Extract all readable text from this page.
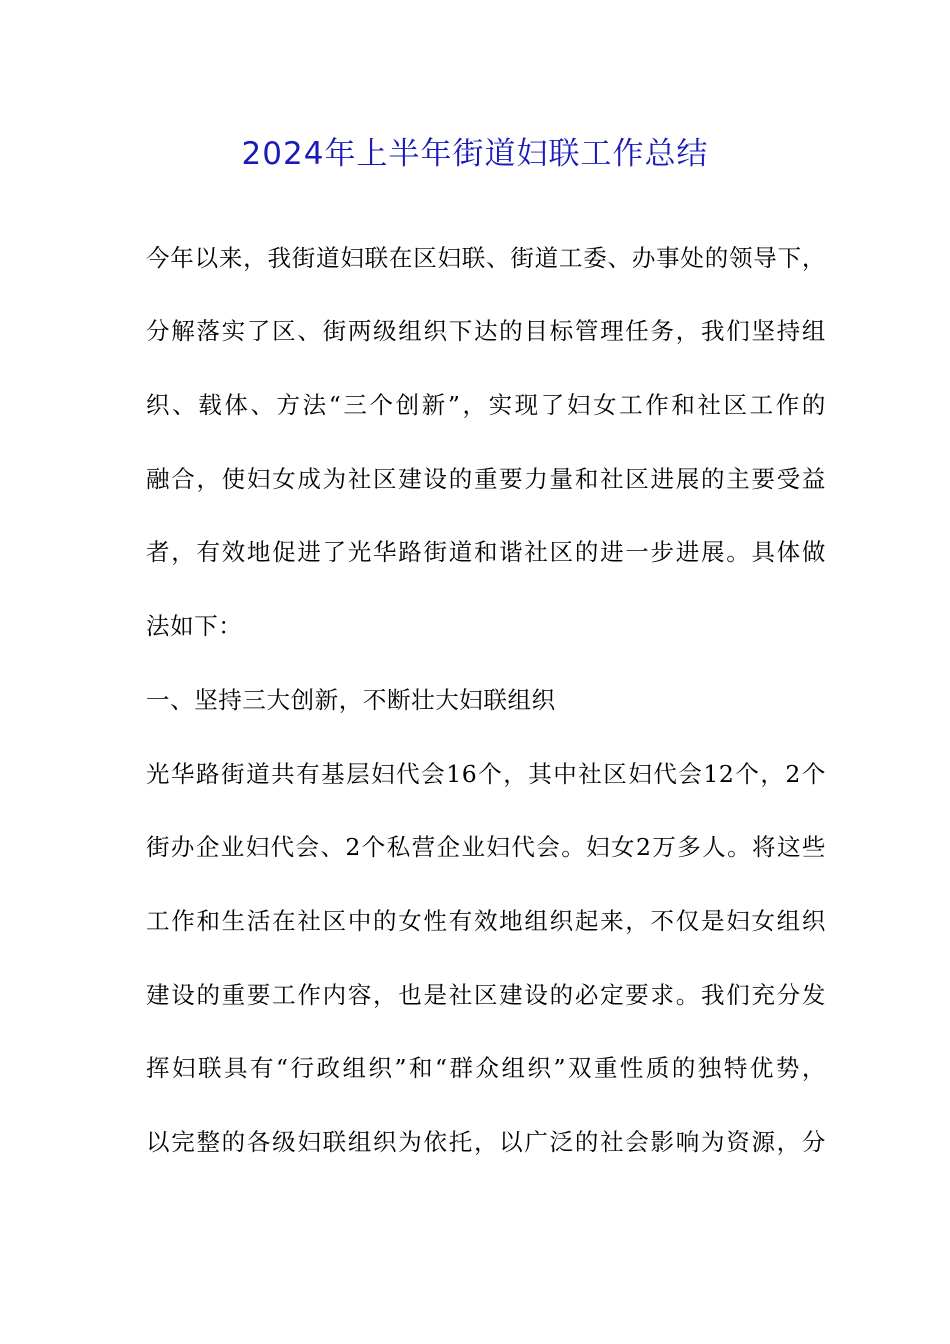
2024年上半年街道妇联工作总结
今年以来，我街道妇联在区妇联、街道工委、办事处的领导下，
分解落实了区、街两级组织下达的目标管理任务，我们坚持组
织、载体、方法“三个创新”，实现了妇女工作和社区工作的
融合，使妇女成为社区建设的重要力量和社区进展的主要受益
者，有效地促进了光华路街道和谐社区的进一步进展。具体做
法如下：
一、坚持三大创新，不断壮大妇联组织
光华路街道共有基层妇代会16个，其中社区妇代会12个，2个
街办企业妇代会、2个私营企业妇代会。妇女2万多人。将这些
工作和生活在社区中的女性有效地组织起来，不仅是妇女组织
建设的重要工作内容，也是社区建设的必定要求。我们充分发
挥妇联具有“行政组织”和“群众组织”双重性质的独特优势，
以完整的各级妇联组织为依托，以广泛的社会影响为资源，分
